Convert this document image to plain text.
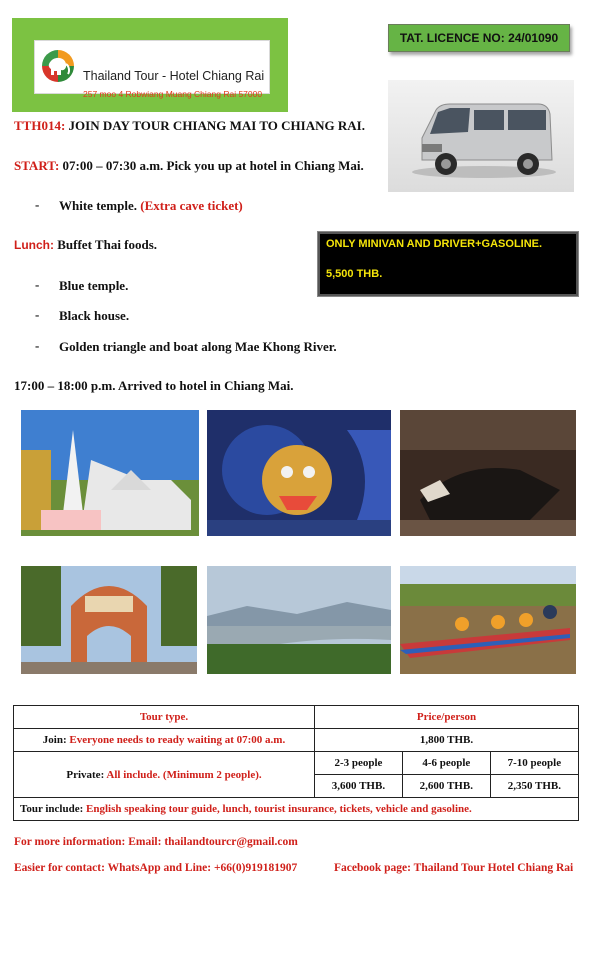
Thailand Tour - Hotel Chiang Rai
257 moo 4 Robwiang Muang Chiang Rai 57000
TAT. LICENCE NO: 24/01090
TTH014: JOIN DAY TOUR CHIANG MAI TO CHIANG RAI.
START: 07:00 – 07:30 a.m. Pick you up at hotel in Chiang Mai.
- White temple. (Extra cave ticket)
Lunch: Buffet Thai foods.
- Blue temple.
- Black house.
- Golden triangle and boat along Mae Khong River.
17:00 – 18:00 p.m. Arrived to hotel in Chiang Mai.
ONLY MINIVAN AND DRIVER+GASOLINE.
5,500 THB.
Tour type.	Price/person		
Join: Everyone needs to ready waiting at 07:00 a.m.	1,800 THB.		
Private: All include. (Minimum 2 people).	2-3 people	4-6 people	7-10 people
	3,600 THB.	2,600 THB.	2,350 THB.
Tour include: English speaking tour guide, lunch, tourist insurance, tickets, vehicle and gasoline.			
For more information: Email: thailandtourcr@gmail.com
Easier for contact: WhatsApp and Line: +66(0)919181907	Facebook page: Thailand Tour Hotel Chiang Rai
